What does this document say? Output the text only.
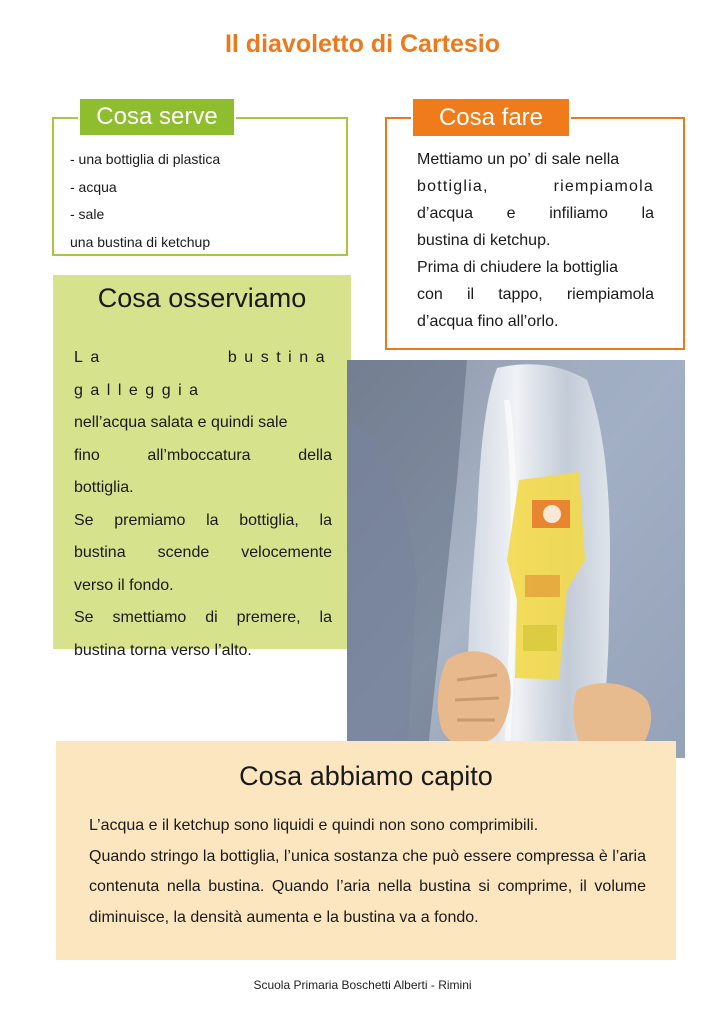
Il diavoletto di Cartesio
Cosa serve
- una bottiglia di plastica
- acqua
- sale
una bustina di ketchup
Cosa fare

Mettiamo un po’ di sale nella

bottiglia, riempiamola

d’acqua e infiliamo la

bustina di ketchup.

Prima di chiudere la bottiglia

con il tappo, riempiamola

d’acqua fino all’orlo.

Cosa osserviamo

La bustina galleggia

nell’acqua salata e quindi sale

fino all’mboccatura della

bottiglia.

Se premiamo la bottiglia, la

bustina scende velocemente

verso il fondo.

Se smettiamo di premere, la

bustina torna verso l’alto.

Cosa abbiamo capito

L’acqua e il ketchup sono liquidi e quindi non sono comprimibili.

Quando stringo la bottiglia, l’unica sostanza che può essere compressa è l’aria contenuta nella bustina. Quando l’aria nella bustina si comprime, il volume diminuisce, la densità aumenta e la bustina va a fondo.

Scuola Primaria Boschetti Alberti - Rimini
